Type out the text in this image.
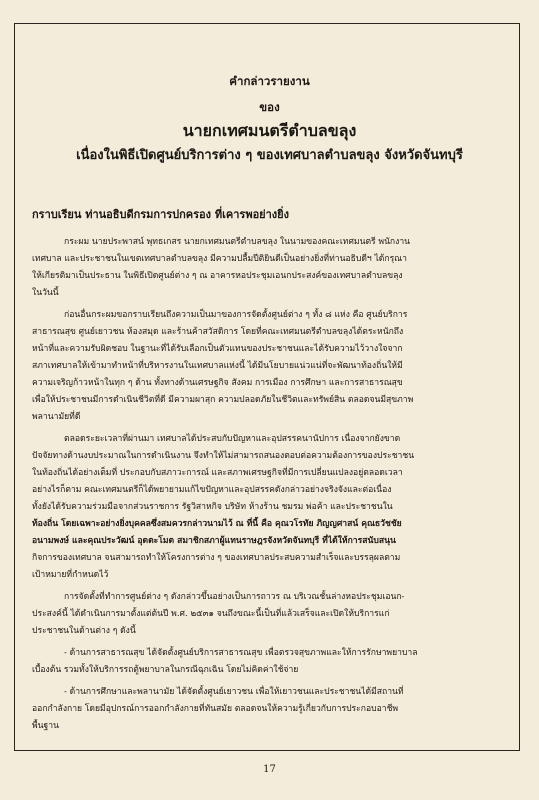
คำกล่าวรายงาน
ของ
นายกเทศมนตรีตำบลขลุง
เนื่องในพิธีเปิดศูนย์บริการต่าง ๆ ของเทศบาลตำบลขลุง จังหวัดจันทบุรี
กราบเรียน ท่านอธิบดีกรมการปกครอง ที่เคารพอย่างยิ่ง
กระผม นายประพาสน์ พุทธเกสร นายกเทศมนตรีตำบลขลุง ในนามของคณะเทศมนตรี พนักงาน
เทศบาล และประชาชนในเขตเทศบาลตำบลขลุง มีความปลื้มปีติยินดีเป็นอย่างยิ่งที่ท่านอธิบดีฯ ได้กรุณา
ให้เกียรติมาเป็นประธาน ในพิธีเปิดศูนย์ต่าง ๆ ณ อาคารหอประชุมเอนกประสงค์ของเทศบาลตำบลขลุง
ในวันนี้
ก่อนอื่นกระผมขอกราบเรียนถึงความเป็นมาของการจัดตั้งศูนย์ต่าง ๆ ทั้ง ๘ แห่ง คือ ศูนย์บริการ
สาธารณสุข ศูนย์เยาวชน ห้องสมุด และร้านค้าสวัสดิการ โดยที่คณะเทศมนตรีตำบลขลุงได้ตระหนักถึง
หน้าที่และความรับผิดชอบ ในฐานะที่ได้รับเลือกเป็นตัวแทนของประชาชนและได้รับความไว้วางใจจาก
สภาเทศบาลให้เข้ามาทำหน้าที่บริหารงานในเทศบาลแห่งนี้ ได้มีนโยบายแน่วแน่ที่จะพัฒนาท้องถิ่นให้มี
ความเจริญก้าวหน้าในทุก ๆ ด้าน ทั้งทางด้านเศรษฐกิจ สังคม การเมือง การศึกษา และการสาธารณสุข
เพื่อให้ประชาชนมีการดำเนินชีวิตที่ดี มีความผาสุก ความปลอดภัยในชีวิตและทรัพย์สิน ตลอดจนมีสุขภาพ
พลานามัยที่ดี
ตลอดระยะเวลาที่ผ่านมา เทศบาลได้ประสบกับปัญหาและอุปสรรคนานัปการ เนื่องจากยังขาด
ปัจจัยทางด้านงบประมาณในการดำเนินงาน จึงทำให้ไม่สามารถสนองตอบต่อความต้องการของประชาชน
ในท้องถิ่นได้อย่างเต็มที่ ประกอบกับสภาวะการณ์ และสภาพเศรษฐกิจที่มีการเปลี่ยนแปลงอยู่ตลอดเวลา
อย่างไรก็ตาม คณะเทศมนตรีก็ได้พยายามแก้ไขปัญหาและอุปสรรคดังกล่าวอย่างจริงจังและต่อเนื่อง
ทั้งยังได้รับความร่วมมือจากส่วนราชการ รัฐวิสาหกิจ บริษัท ห้างร้าน ชมรม พ่อค้า และประชาชนใน
ท้องถิ่น โดยเฉพาะอย่างยิ่งบุคคลซึ่งสมควรกล่าวนามไว้ ณ ที่นี้ คือ คุณวโรทัย ภิญญศาสน์ คุณธวัชชัย
อนามพงษ์ และคุณประวัฒน์ อุดตะโมต สมาชิกสภาผู้แทนราษฎรจังหวัดจันทบุรี ที่ได้ให้การสนับสนุน
กิจการของเทศบาล จนสามารถทำให้โครงการต่าง ๆ ของเทศบาลประสบความสำเร็จและบรรลุผลตาม
เป้าหมายที่กำหนดไว้
การจัดตั้งที่ทำการศูนย์ต่าง ๆ ดังกล่าวขึ้นอย่างเป็นการถาวร ณ บริเวณชั้นล่างหอประชุมเอนก-
ประสงค์นี้ ได้ดำเนินการมาตั้งแต่ต้นปี พ.ศ. ๒๕๓๑ จนถึงขณะนี้เป็นที่แล้วเสร็จและเปิดให้บริการแก่
ประชาชนในด้านต่าง ๆ ดังนี้
- ด้านการสาธารณสุข ได้จัดตั้งศูนย์บริการสาธารณสุข เพื่อตรวจสุขภาพและให้การรักษาพยาบาล
เบื้องต้น รวมทั้งให้บริการรถตู้พยาบาลในกรณีฉุกเฉิน โดยไม่คิดค่าใช้จ่าย
- ด้านการศึกษาและพลานามัย ได้จัดตั้งศูนย์เยาวชน เพื่อให้เยาวชนและประชาชนได้มีสถานที่
ออกกำลังกาย โดยมีอุปกรณ์การออกกำลังกายที่ทันสมัย ตลอดจนให้ความรู้เกี่ยวกับการประกอบอาชีพ
พื้นฐาน
17
